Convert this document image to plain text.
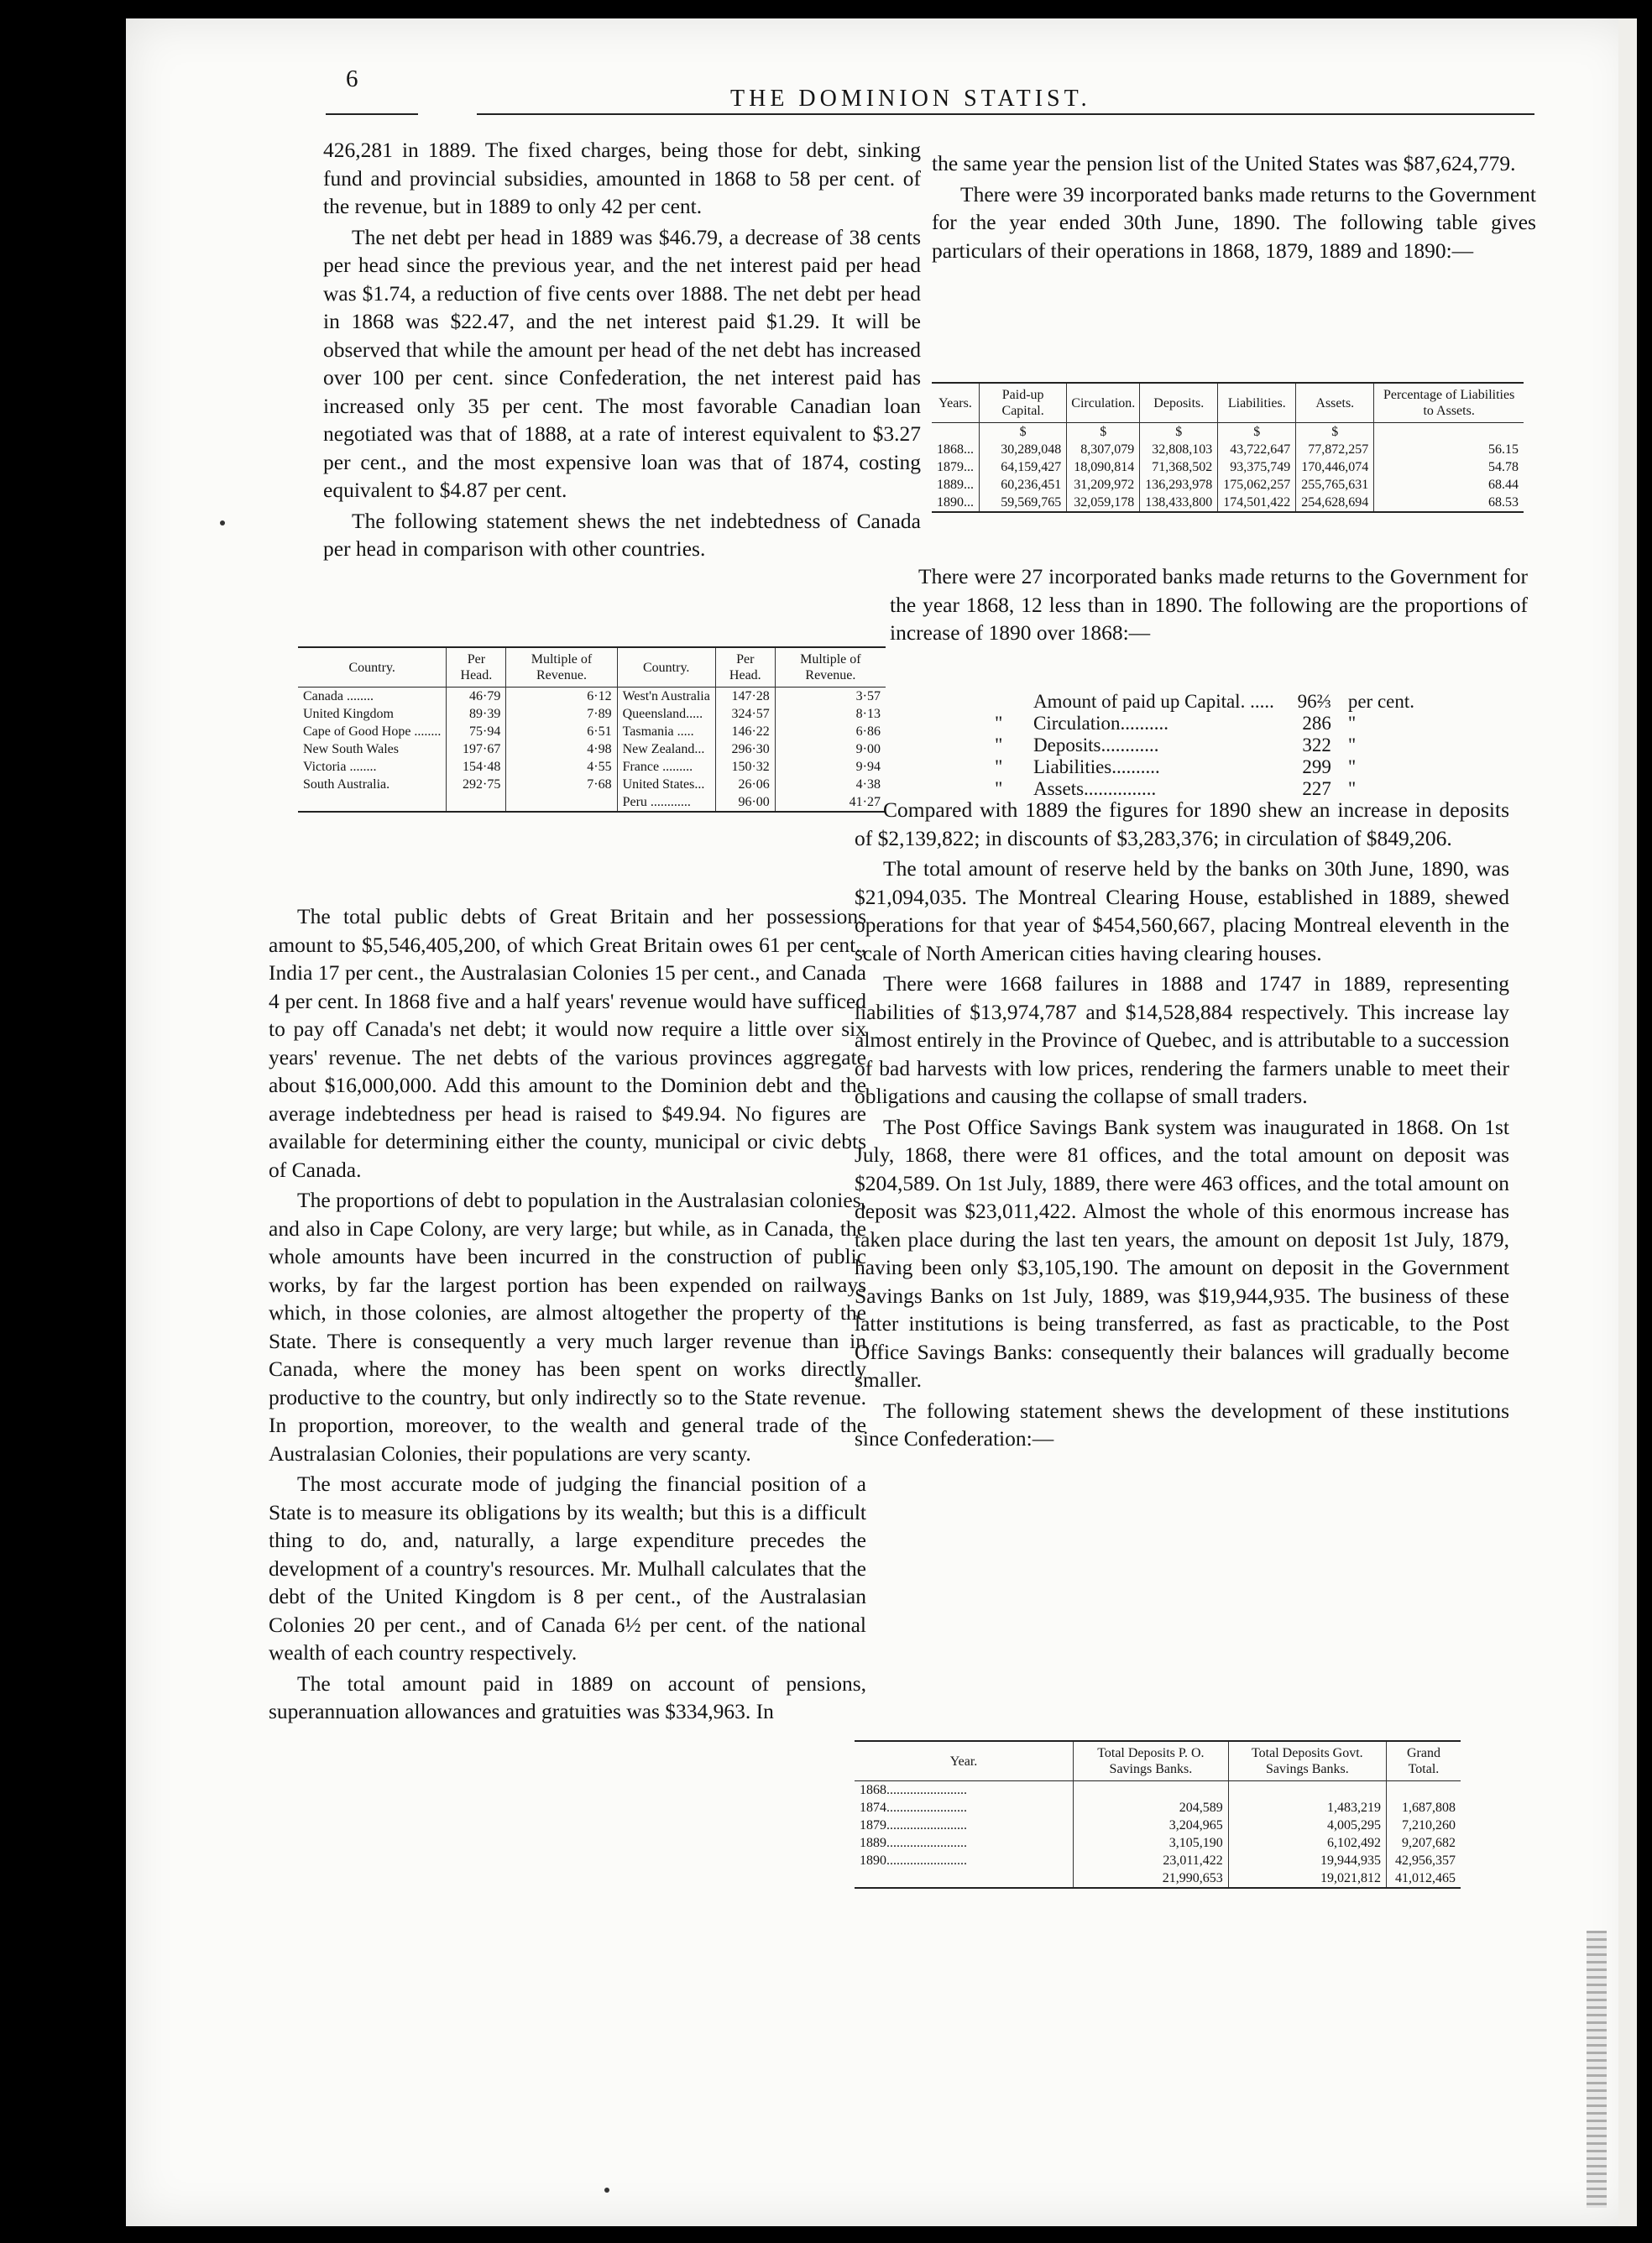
6
THE DOMINION STATIST.

426,281 in 1889. The fixed charges, being those for debt, sinking fund and provincial subsidies, amounted in 1868 to 58 per cent. of the revenue, but in 1889 to only 42 per cent.

The net debt per head in 1889 was $46.79, a decrease of 38 cents per head since the previous year, and the net interest paid per head was $1.74, a reduction of five cents over 1888. The net debt per head in 1868 was $22.47, and the net interest paid $1.29. It will be observed that while the amount per head of the net debt has increased over 100 per cent. since Confederation, the net interest paid has increased only 35 per cent. The most favorable Canadian loan negotiated was that of 1888, at a rate of interest equivalent to $3.27 per cent., and the most expensive loan was that of 1874, costing equivalent to $4.87 per cent.

The following statement shews the net indebtedness of Canada per head in comparison with other countries.

Country.	Per Head.	Multiple of Revenue.	Country.	Per Head.	Multiple of Revenue.
Canada ........	46·79	6·12	West'n Australia	147·28	3·57
United Kingdom	89·39	7·89	Queensland.....	324·57	8·13
Cape of Good Hope ........	75·94	6·51	Tasmania .....	146·22	6·86
New South Wales	197·67	4·98	New Zealand...	296·30	9·00
Victoria ........	154·48	4·55	France .........	150·32	9·94
South Australia.	292·75	7·68	United States...	26·06	4·38
			Peru ............	96·00	41·27

The total public debts of Great Britain and her possessions amount to $5,546,405,200, of which Great Britain owes 61 per cent., India 17 per cent., the Australasian Colonies 15 per cent., and Canada 4 per cent. In 1868 five and a half years' revenue would have sufficed to pay off Canada's net debt; it would now require a little over six years' revenue. The net debts of the various provinces aggregate about $16,000,000. Add this amount to the Dominion debt and the average indebtedness per head is raised to $49.94. No figures are available for determining either the county, municipal or civic debts of Canada.

The proportions of debt to population in the Australasian colonies, and also in Cape Colony, are very large; but while, as in Canada, the whole amounts have been incurred in the construction of public works, by far the largest portion has been expended on railways which, in those colonies, are almost altogether the property of the State. There is consequently a very much larger revenue than in Canada, where the money has been spent on works directly productive to the country, but only indirectly so to the State revenue. In proportion, moreover, to the wealth and general trade of the Australasian Colonies, their populations are very scanty.

The most accurate mode of judging the financial position of a State is to measure its obligations by its wealth; but this is a difficult thing to do, and, naturally, a large expenditure precedes the development of a country's resources. Mr. Mulhall calculates that the debt of the United Kingdom is 8 per cent., of the Australasian Colonies 20 per cent., and of Canada 6½ per cent. of the national wealth of each country respectively.

The total amount paid in 1889 on account of pensions, superannuation allowances and gratuities was $334,963. In

the same year the pension list of the United States was $87,624,779.

There were 39 incorporated banks made returns to the Government for the year ended 30th June, 1890. The following table gives particulars of their operations in 1868, 1879, 1889 and 1890:—

Years.	Paid-up Capital.	Circulation.	Deposits.	Liabilities.	Assets.	Percentage of Liabilities to Assets.
	$	$	$	$	$	
1868...	30,289,048	8,307,079	32,808,103	43,722,647	77,872,257	56.15
1879...	64,159,427	18,090,814	71,368,502	93,375,749	170,446,074	54.78
1889...	60,236,451	31,209,972	136,293,978	175,062,257	255,765,631	68.44
1890...	59,569,765	32,059,178	138,433,800	174,501,422	254,628,694	68.53

There were 27 incorporated banks made returns to the Government for the year 1868, 12 less than in 1890. The following are the proportions of increase of 1890 over 1868:—

	Amount of paid up Capital. .....	96⅔	per cent.
"	Circulation..........	286	"
"	Deposits............	322	"
"	Liabilities..........	299	"
"	Assets...............	227	"

Compared with 1889 the figures for 1890 shew an increase in deposits of $2,139,822; in discounts of $3,283,376; in circulation of $849,206.

The total amount of reserve held by the banks on 30th June, 1890, was $21,094,035. The Montreal Clearing House, established in 1889, shewed operations for that year of $454,560,667, placing Montreal eleventh in the scale of North American cities having clearing houses.

There were 1668 failures in 1888 and 1747 in 1889, representing liabilities of $13,974,787 and $14,528,884 respectively. This increase lay almost entirely in the Province of Quebec, and is attributable to a succession of bad harvests with low prices, rendering the farmers unable to meet their obligations and causing the collapse of small traders.

The Post Office Savings Bank system was inaugurated in 1868. On 1st July, 1868, there were 81 offices, and the total amount on deposit was $204,589. On 1st July, 1889, there were 463 offices, and the total amount on deposit was $23,011,422. Almost the whole of this enormous increase has taken place during the last ten years, the amount on deposit 1st July, 1879, having been only $3,105,190. The amount on deposit in the Government Savings Banks on 1st July, 1889, was $19,944,935. The business of these latter institutions is being transferred, as fast as practicable, to the Post Office Savings Banks: consequently their balances will gradually become smaller.

The following statement shews the development of these institutions since Confederation:—

Year.	Total Deposits P. O. Savings Banks.	Total Deposits Govt. Savings Banks.	Grand Total.
1868........................			
1874........................	204,589	1,483,219	1,687,808
1879........................	3,204,965	4,005,295	7,210,260
1889........................	3,105,190	6,102,492	9,207,682
1890........................	23,011,422	19,944,935	42,956,357
	21,990,653	19,021,812	41,012,465
